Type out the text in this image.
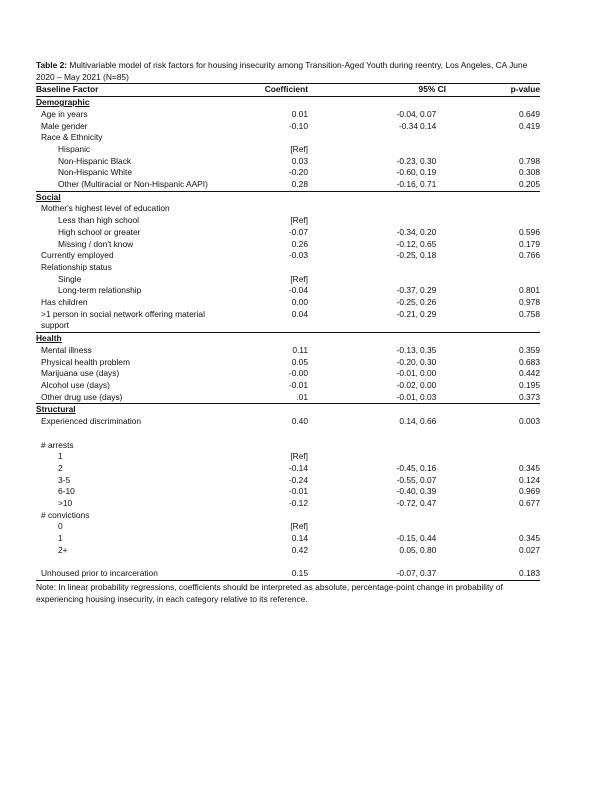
Table 2: Multivariable model of risk factors for housing insecurity among Transition-Aged Youth during reentry, Los Angeles, CA June 2020 – May 2021 (N=85)
Baseline Factor	Coefficient	95% CI		p-value
Demographic				
Age in years	0.01	-0.04,	0.07	0.649
Male gender	-0.10	-0.34	0.14	0.419
Race & Ethnicity				
Hispanic	[Ref]			
Non-Hispanic Black	0.03	-0.23,	0.30	0.798
Non-Hispanic White	-0.20	-0.60,	0.19	0.308
Other (Multiracial or Non-Hispanic AAPI)	0.28	-0.16,	0.71	0.205
Social				
Mother's highest level of education				
Less than high school	[Ref]			
High school or greater	-0.07	-0.34,	0.20	0.596
Missing / don't know	0.26	-0.12,	0.65	0.179
Currently employed	-0.03	-0.25,	0.18	0.766
Relationship status				
Single	[Ref]			
Long-term relationship	-0.04	-0.37,	0.29	0.801
Has children	0.00	-0.25,	0.26	0.978
>1 person in social network offering material support	0.04	-0.21,	0.29	0.758
Health				
Mental illness	0.11	-0.13,	0.35	0.359
Physical health problem	0.05	-0.20,	0.30	0.683
Marijuana use (days)	-0.00	-0.01,	0.00	0.442
Alcohol use (days)	-0.01	-0.02,	0.00	0.195
Other drug use (days)	.01	-0.01,	0.03	0.373
Structural				
Experienced discrimination	0.40	0.14,	0.66	0.003

# arrests				
1	[Ref]			
2	-0.14	-0.45,	0.16	0.345
3-5	-0.24	-0.55,	0.07	0.124
6-10	-0.01	-0.40,	0.39	0.969
>10	-0.12	-0.72,	0.47	0.677
# convictions				
0	[Ref]			
1	0.14	-0.15,	0.44	0.345
2+	0.42	0.05,	0.80	0.027

Unhoused prior to incarceration	0.15	-0.07,	0.37	0.183
Note: In linear probability regressions, coefficients should be interpreted as absolute, percentage-point change in probability of experiencing housing insecurity, in each category relative to its reference.
